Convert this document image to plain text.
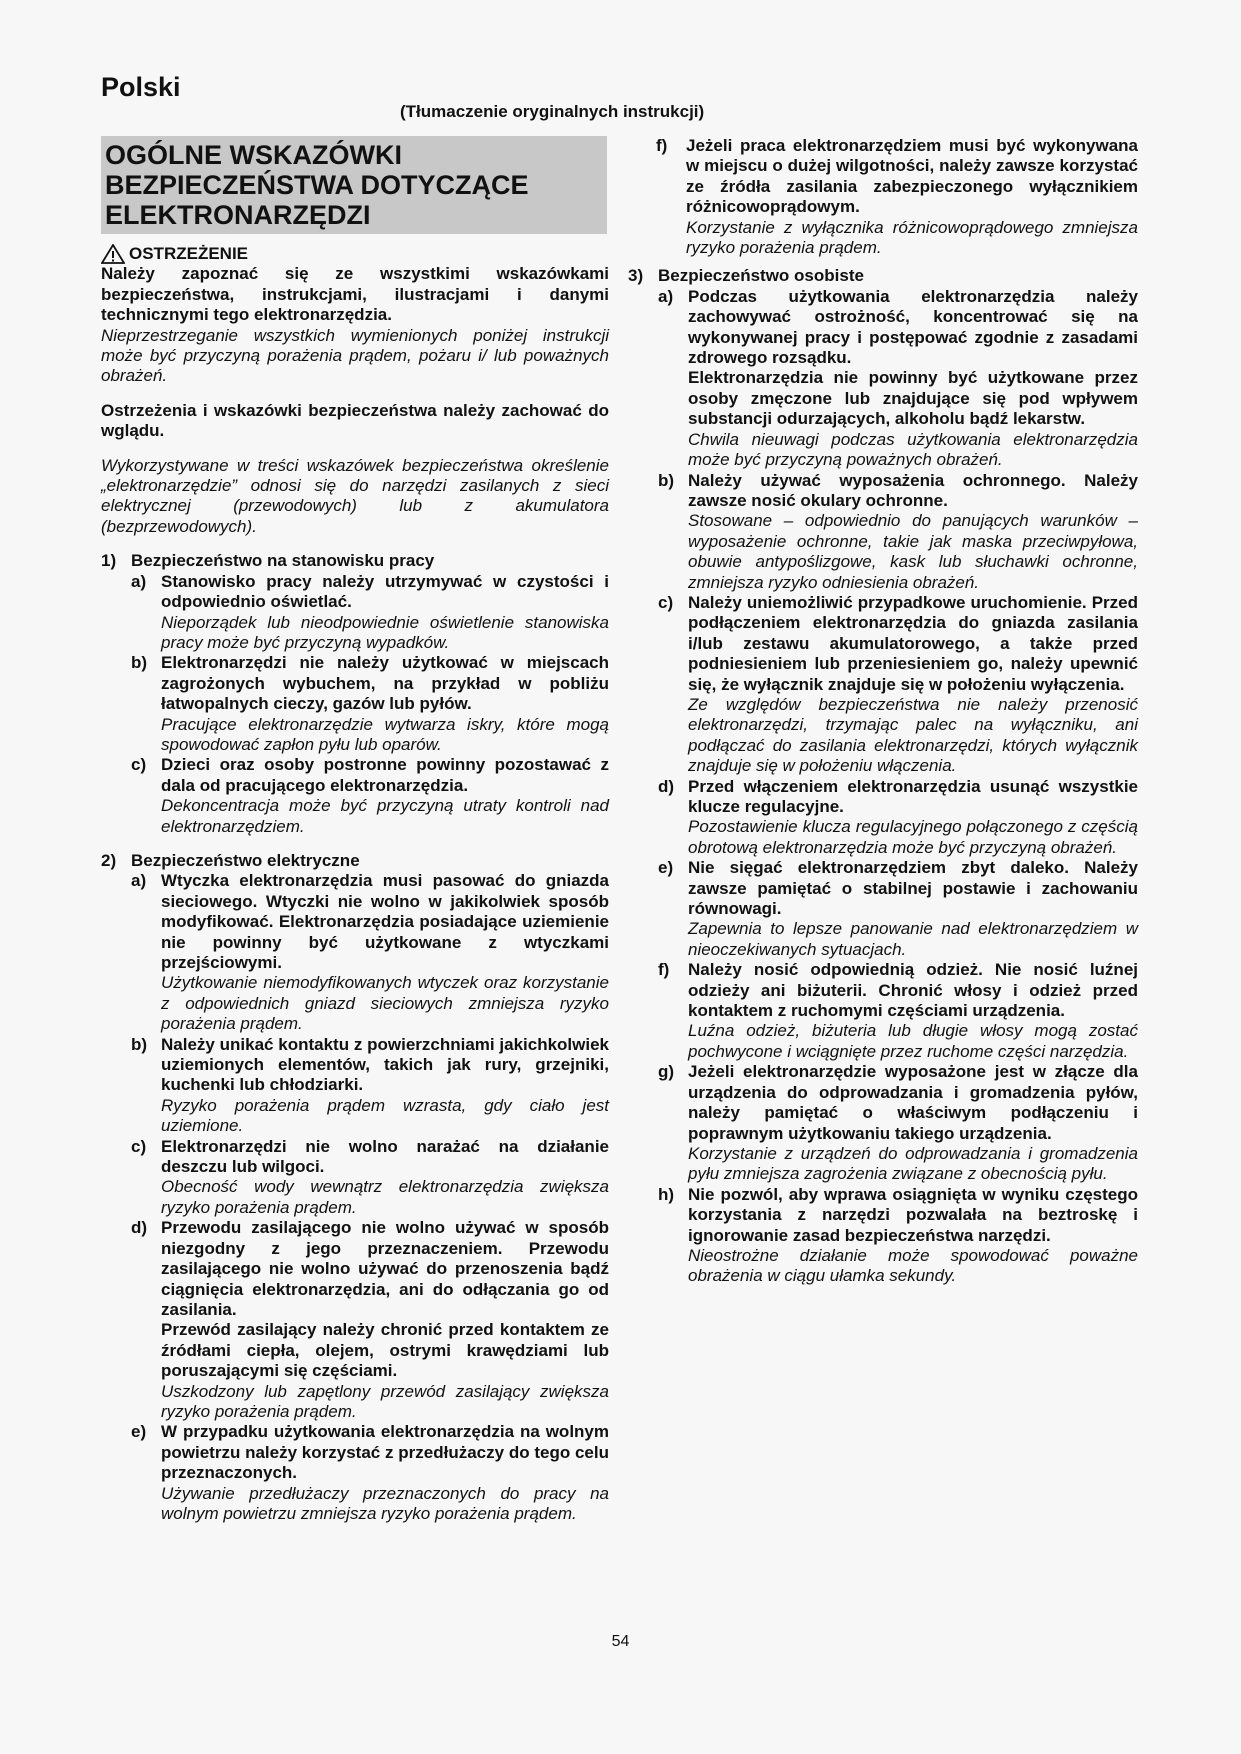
Polski
(Tłumaczenie oryginalnych instrukcji)
OGÓLNE WSKAZÓWKI BEZPIECZEŃSTWA DOTYCZĄCE ELEKTRONARZĘDZI
OSTRZEŻENIE

Należy zapoznać się ze wszystkimi wskazówkami bezpieczeństwa, instrukcjami, ilustracjami i danymi technicznymi tego elektronarzędzia.

Nieprzestrzeganie wszystkich wymienionych poniżej instrukcji może być przyczyną porażenia prądem, pożaru i/ lub poważnych obrażeń.

Ostrzeżenia i wskazówki bezpieczeństwa należy zachować do wglądu.

Wykorzystywane w treści wskazówek bezpieczeństwa określenie „elektronarzędzie” odnosi się do narzędzi zasilanych z sieci elektrycznej (przewodowych) lub z akumulatora (bezprzewodowych).

1) Bezpieczeństwo na stanowisku pracy
a) Stanowisko pracy należy utrzymywać w czystości i odpowiednio oświetlać.

Nieporządek lub nieodpowiednie oświetlenie stanowiska pracy może być przyczyną wypadków.

b) Elektronarzędzi nie należy użytkować w miejscach zagrożonych wybuchem, na przykład w pobliżu łatwopalnych cieczy, gazów lub pyłów.

Pracujące elektronarzędzie wytwarza iskry, które mogą spowodować zapłon pyłu lub oparów.

c) Dzieci oraz osoby postronne powinny pozostawać z dala od pracującego elektronarzędzia.

Dekoncentracja może być przyczyną utraty kontroli nad elektronarzędziem.

2) Bezpieczeństwo elektryczne
a) Wtyczka elektronarzędzia musi pasować do gniazda sieciowego. Wtyczki nie wolno w jakikolwiek sposób modyfikować. Elektronarzędzia posiadające uziemienie nie powinny być użytkowane z wtyczkami przejściowymi.

Użytkowanie niemodyfikowanych wtyczek oraz korzystanie z odpowiednich gniazd sieciowych zmniejsza ryzyko porażenia prądem.

b) Należy unikać kontaktu z powierzchniami jakichkolwiek uziemionych elementów, takich jak rury, grzejniki, kuchenki lub chłodziarki.

Ryzyko porażenia prądem wzrasta, gdy ciało jest uziemione.

c) Elektronarzędzi nie wolno narażać na działanie deszczu lub wilgoci.

Obecność wody wewnątrz elektronarzędzia zwiększa ryzyko porażenia prądem.

d) Przewodu zasilającego nie wolno używać w sposób niezgodny z jego przeznaczeniem. Przewodu zasilającego nie wolno używać do przenoszenia bądź ciągnięcia elektronarzędzia, ani do odłączania go od zasilania.

Przewód zasilający należy chronić przed kontaktem ze źródłami ciepła, olejem, ostrymi krawędziami lub poruszającymi się częściami.

Uszkodzony lub zapętlony przewód zasilający zwiększa ryzyko porażenia prądem.

e) W przypadku użytkowania elektronarzędzia na wolnym powietrzu należy korzystać z przedłużaczy do tego celu przeznaczonych.

Używanie przedłużaczy przeznaczonych do pracy na wolnym powietrzu zmniejsza ryzyko porażenia prądem.

f)	Jeżeli praca elektronarzędziem musi być wykonywana w miejscu o dużej wilgotności, należy zawsze korzystać ze źródła zasilania zabezpieczonego wyłącznikiem różnicowoprądowym.

Korzystanie z wyłącznika różnicowoprądowego zmniejsza ryzyko porażenia prądem.

3) Bezpieczeństwo osobiste
a) Podczas użytkowania elektronarzędzia należy zachowywać ostrożność, koncentrować się na wykonywanej pracy i postępować zgodnie z zasadami zdrowego rozsądku.

Elektronarzędzia nie powinny być użytkowane przez osoby zmęczone lub znajdujące się pod wpływem substancji odurzających, alkoholu bądź lekarstw.

Chwila nieuwagi podczas użytkowania elektronarzędzia może być przyczyną poważnych obrażeń.

b) Należy używać wyposażenia ochronnego. Należy zawsze nosić okulary ochronne.

Stosowane – odpowiednio do panujących warunków – wyposażenie ochronne, takie jak maska przeciwpyłowa, obuwie antypoślizgowe, kask lub słuchawki ochronne, zmniejsza ryzyko odniesienia obrażeń.

c) Należy uniemożliwić przypadkowe uruchomienie. Przed podłączeniem elektronarzędzia do gniazda zasilania i/lub zestawu akumulatorowego, a także przed podniesieniem lub przeniesieniem go, należy upewnić się, że wyłącznik znajduje się w położeniu wyłączenia.

Ze względów bezpieczeństwa nie należy przenosić elektronarzędzi, trzymając palec na wyłączniku, ani podłączać do zasilania elektronarzędzi, których wyłącznik znajduje się w położeniu włączenia.

d) Przed włączeniem elektronarzędzia usunąć wszystkie klucze regulacyjne.

Pozostawienie klucza regulacyjnego połączonego z częścią obrotową elektronarzędzia może być przyczyną obrażeń.

e) Nie sięgać elektronarzędziem zbyt daleko. Należy zawsze pamiętać o stabilnej postawie i zachowaniu równowagi.

Zapewnia to lepsze panowanie nad elektronarzędziem w nieoczekiwanych sytuacjach.

f)	Należy nosić odpowiednią odzież. Nie nosić luźnej odzieży ani biżuterii. Chronić włosy i odzież przed kontaktem z ruchomymi częściami urządzenia.

Luźna odzież, biżuteria lub długie włosy mogą zostać pochwycone i wciągnięte przez ruchome części narzędzia.

g) Jeżeli elektronarzędzie wyposażone jest w złącze dla urządzenia do odprowadzania i gromadzenia pyłów, należy pamiętać o właściwym podłączeniu i poprawnym użytkowaniu takiego urządzenia.

Korzystanie z urządzeń do odprowadzania i gromadzenia pyłu zmniejsza zagrożenia związane z obecnością pyłu.

h) Nie pozwól, aby wprawa osiągnięta w wyniku częstego korzystania z narzędzi pozwalała na beztroskę i ignorowanie zasad bezpieczeństwa narzędzi.

Nieostrożne działanie może spowodować poważne obrażenia w ciągu ułamka sekundy.

54
